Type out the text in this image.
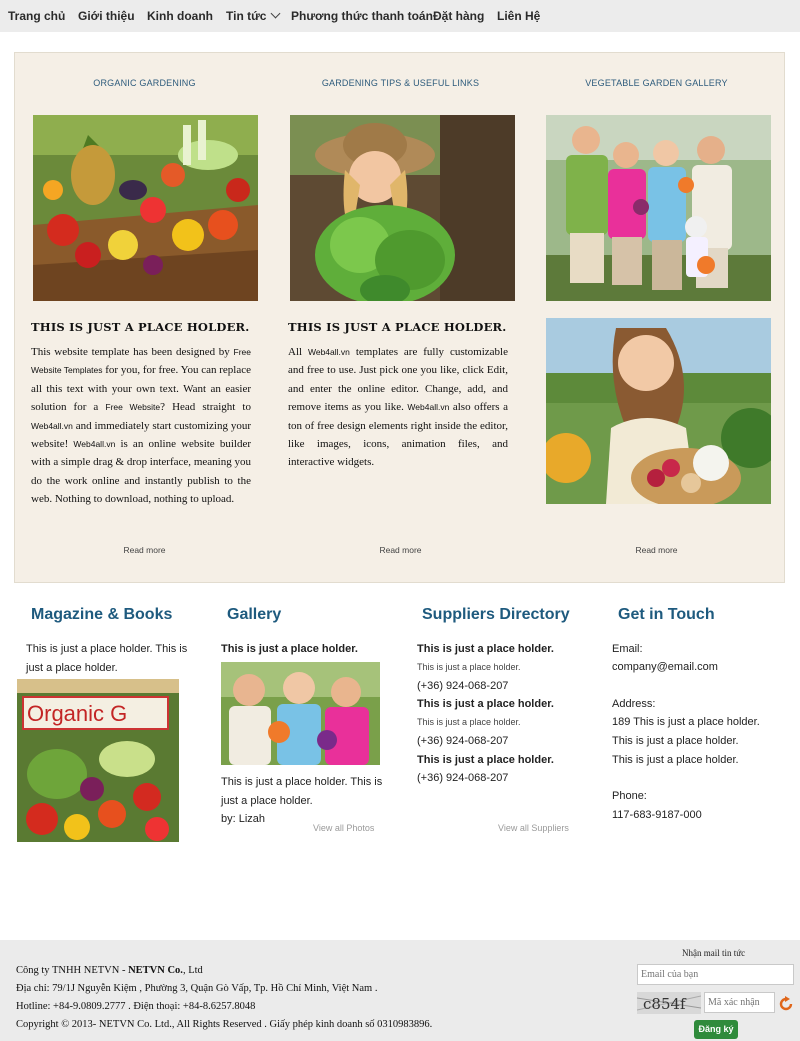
Trang chủ Giới thiệu Kinh doanh Tin tức	Phương thức thanh toán Đặt hàng Liên Hệ
ORGANIC GARDENING
THIS IS JUST A PLACE HOLDER.
This website template has been designed by Free Website Templates for you, for free. You can replace all this text with your own text. Want an easier solution for a Free Website? Head straight to Web4all.vn and immediately start customizing your website! Web4all.vn is an online website builder with a simple drag & drop interface, meaning you do the work online and instantly publish to the web. Nothing to download, nothing to upload.
Read more
GARDENING TIPS & USEFUL LINKS
THIS IS JUST A PLACE HOLDER.
All Web4all.vn templates are fully customizable and free to use. Just pick one you like, click Edit, and enter the online editor. Change, add, and remove items as you like. Web4all.vn also offers a ton of free design elements right inside the editor, like images, icons, animation files, and interactive widgets.
Read more
VEGETABLE GARDEN GALLERY
Read more
Magazine & Books
This is just a place holder. This is just a place holder.
Organic G
Gallery
This is just a place holder.
This is just a place holder. This is just a place holder.
by: Lizah
View all Photos
Suppliers Directory
This is just a place holder.
This is just a place holder.
(+36) 924-068-207
This is just a place holder.
This is just a place holder.
(+36) 924-068-207
This is just a place holder.
(+36) 924-068-207
View all Suppliers
Get in Touch
Email:
company@email.com
Address:
189 This is just a place holder.
This is just a place holder.
This is just a place holder.
Phone:
117-683-9187-000
Công ty TNHH NETVN - NETVN Co., Ltd
Địa chỉ: 79/1J Nguyễn Kiệm , Phường 3, Quận Gò Vấp, Tp. Hồ Chí Minh, Việt Nam .
Hotline: +84-9.0809.2777 . Điện thoại: +84-8.6257.8048
Copyright © 2013- NETVN Co. Ltd., All Rights Reserved . Giấy phép kinh doanh số 0310983896.
Nhận mail tin tức
Email của bạn
c854f
Mã xác nhận
Đăng ký
